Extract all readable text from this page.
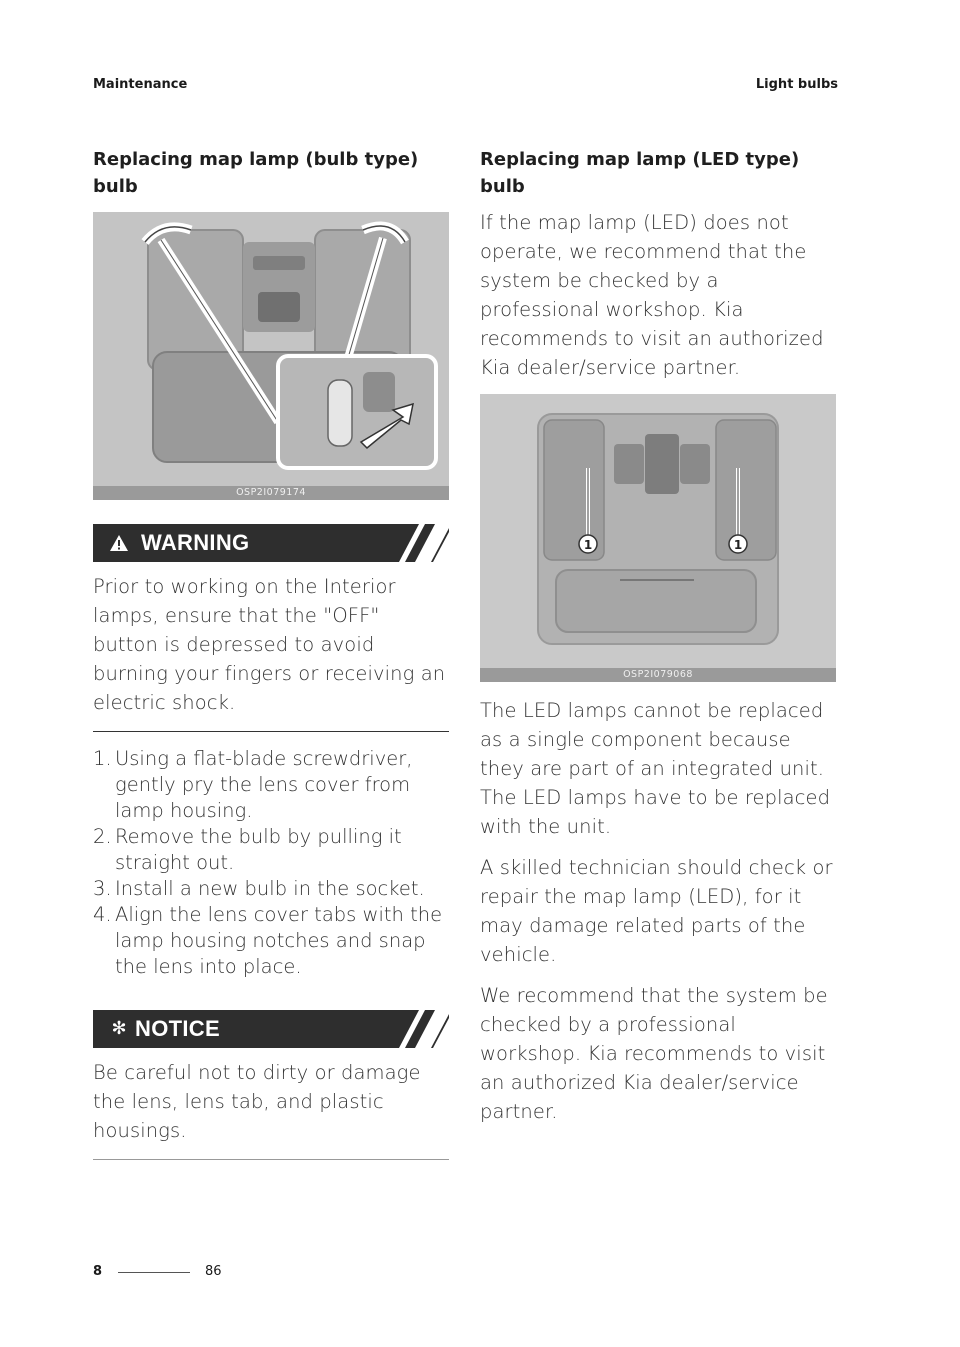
Maintenance	Light bulbs
Replacing map lamp (bulb type) bulb
OSP2I079174
WARNING
Prior to working on the Interior lamps, ensure that the "OFF" button is depressed to avoid burning your fingers or receiving an electric shock.
1. Using a flat-blade screwdriver, gently pry the lens cover from lamp housing.
2. Remove the bulb by pulling it straight out.
3. Install a new bulb in the socket.
4. Align the lens cover tabs with the lamp housing notches and snap the lens into place.
✻ NOTICE
Be careful not to dirty or damage the lens, lens tab, and plastic housings.
Replacing map lamp (LED type) bulb
If the map lamp (LED) does not operate, we recommend that the system be checked by a professional workshop. Kia recommends to visit an authorized Kia dealer/service partner.
1	1
OSP2I079068
The LED lamps cannot be replaced as a single component because they are part of an integrated unit. The LED lamps have to be replaced with the unit.
A skilled technician should check or repair the map lamp (LED), for it may damage related parts of the vehicle.
We recommend that the system be checked by a professional workshop. Kia recommends to visit an authorized Kia dealer/service partner.
8	86
